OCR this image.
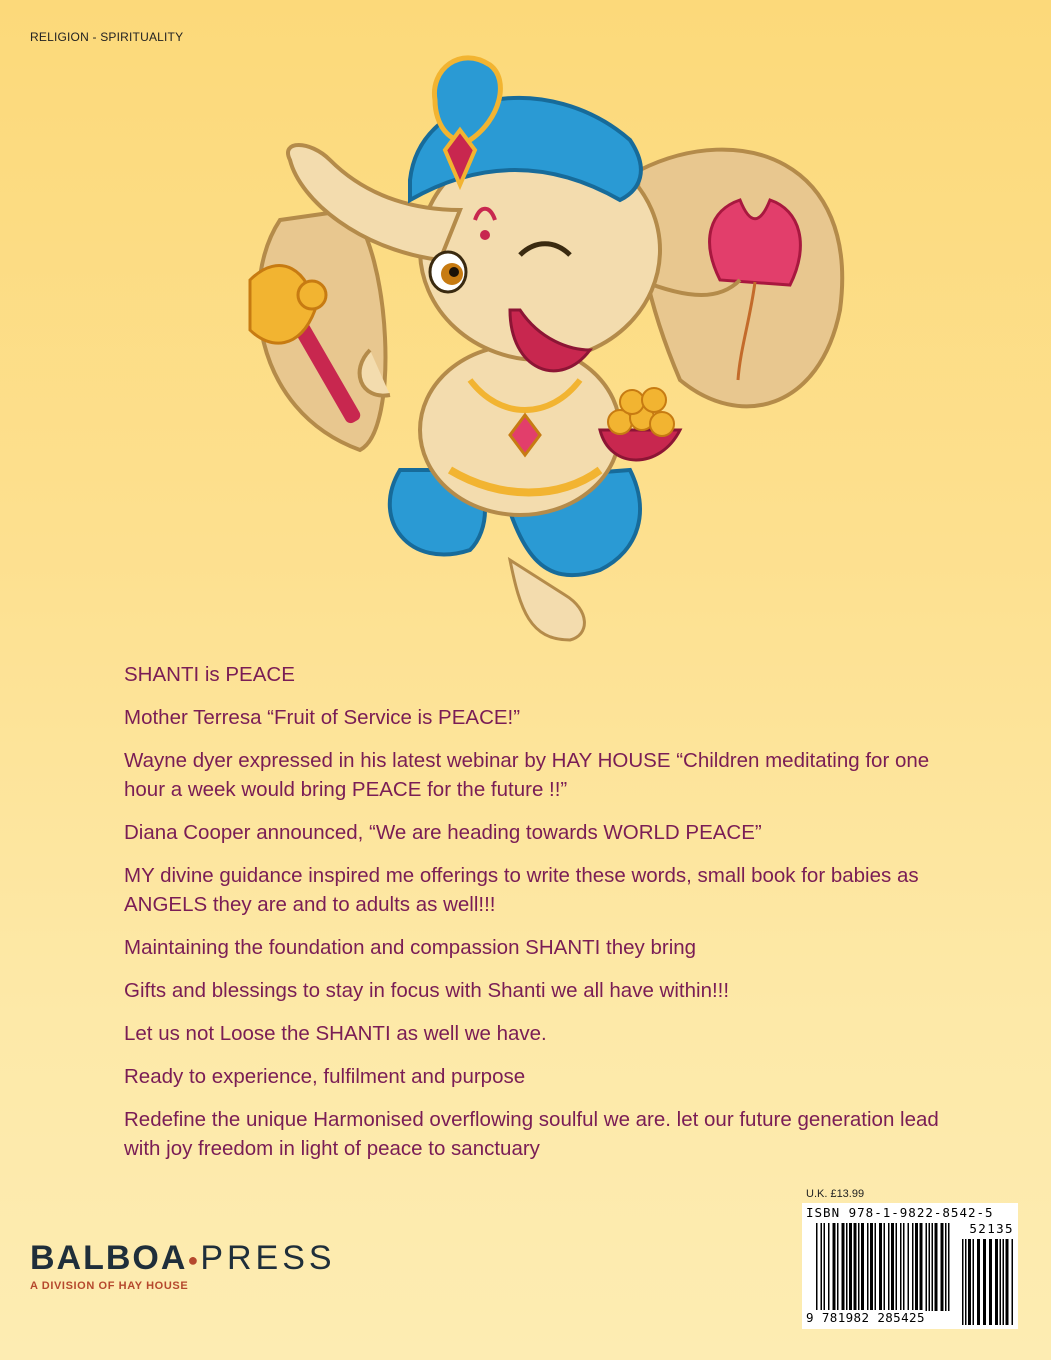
RELIGION - SPIRITUALITY

SHANTI is PEACE

Mother Terresa “Fruit of Service is PEACE!”

Wayne dyer expressed in his latest webinar by HAY HOUSE “Children meditating for one hour a week would bring PEACE for the future !!”

Diana Cooper announced, “We are heading towards WORLD PEACE”

MY divine guidance inspired me offerings to write these words, small book for babies as ANGELS they are and to adults as well!!!

Maintaining the foundation and compassion SHANTI they bring

Gifts and blessings to stay in focus with Shanti we all have within!!!

Let us not Loose the SHANTI as well we have.

Ready to experience, fulfilment and purpose

Redefine the unique Harmonised overflowing soulful we are. let our future generation lead with joy freedom in light of peace to sanctuary

BALBOA●PRESS
A DIVISION OF HAY HOUSE
U.K. £13.99
ISBN 978-1-9822-8542-5
52135
9 781982 285425
